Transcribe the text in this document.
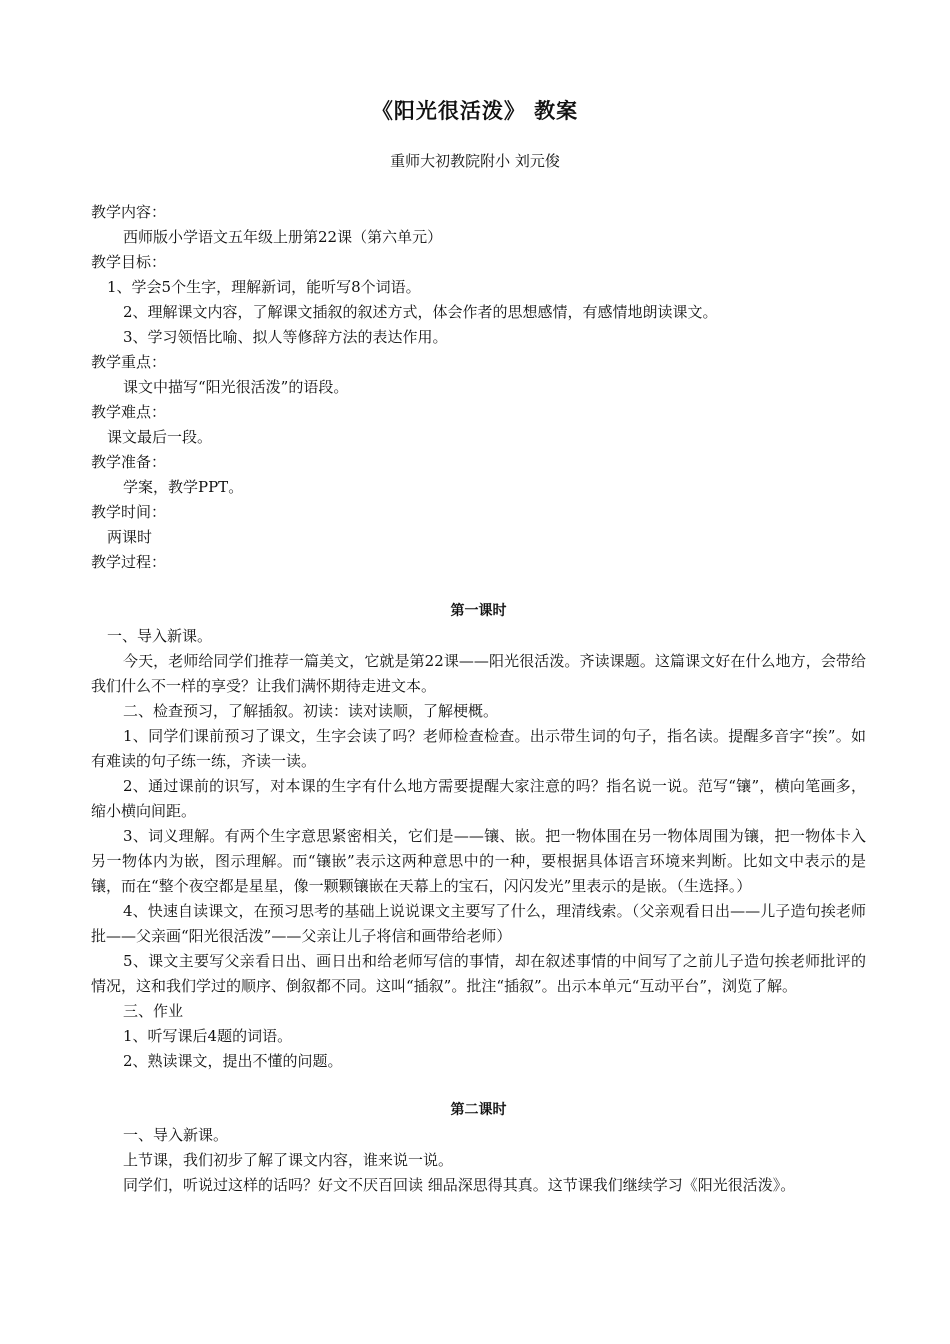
《阳光很活泼》 教案
重师大初教院附小 刘元俊

教学内容：

西师版小学语文五年级上册第22课（第六单元）

教学目标：

1、学会5个生字，理解新词，能听写8个词语。

2、理解课文内容，了解课文插叙的叙述方式，体会作者的思想感情，有感情地朗读课文。

3、学习领悟比喻、拟人等修辞方法的表达作用。

教学重点：

课文中描写“阳光很活泼”的语段。

教学难点：

课文最后一段。

教学准备：

学案，教学PPT。

教学时间：

两课时

教学过程：

第一课时

一、导入新课。

今天，老师给同学们推荐一篇美文，它就是第22课——阳光很活泼。齐读课题。这篇课文好在什么地方，会带给我们什么不一样的享受？让我们满怀期待走进文本。

二、检查预习，了解插叙。初读：读对读顺，了解梗概。

1、同学们课前预习了课文，生字会读了吗？老师检查检查。出示带生词的句子，指名读。提醒多音字“挨”。如有难读的句子练一练，齐读一读。

2、通过课前的识写，对本课的生字有什么地方需要提醒大家注意的吗？指名说一说。范写“镶”，横向笔画多，缩小横向间距。

3、词义理解。有两个生字意思紧密相关，它们是——镶、嵌。把一物体围在另一物体周围为镶，把一物体卡入另一物体内为嵌，图示理解。而“镶嵌”表示这两种意思中的一种，要根据具体语言环境来判断。比如文中表示的是镶，而在“整个夜空都是星星，像一颗颗镶嵌在天幕上的宝石，闪闪发光”里表示的是嵌。（生选择。）

4、快速自读课文，在预习思考的基础上说说课文主要写了什么，理清线索。（父亲观看日出——儿子造句挨老师批——父亲画“阳光很活泼”——父亲让儿子将信和画带给老师）

5、课文主要写父亲看日出、画日出和给老师写信的事情，却在叙述事情的中间写了之前儿子造句挨老师批评的情况，这和我们学过的顺序、倒叙都不同。这叫“插叙”。批注“插叙”。出示本单元“互动平台”，浏览了解。

三、作业

1、听写课后4题的词语。

2、熟读课文，提出不懂的问题。

第二课时

一、导入新课。

上节课，我们初步了解了课文内容，谁来说一说。

同学们，听说过这样的话吗？好文不厌百回读 细品深思得其真。这节课我们继续学习《阳光很活泼》。
